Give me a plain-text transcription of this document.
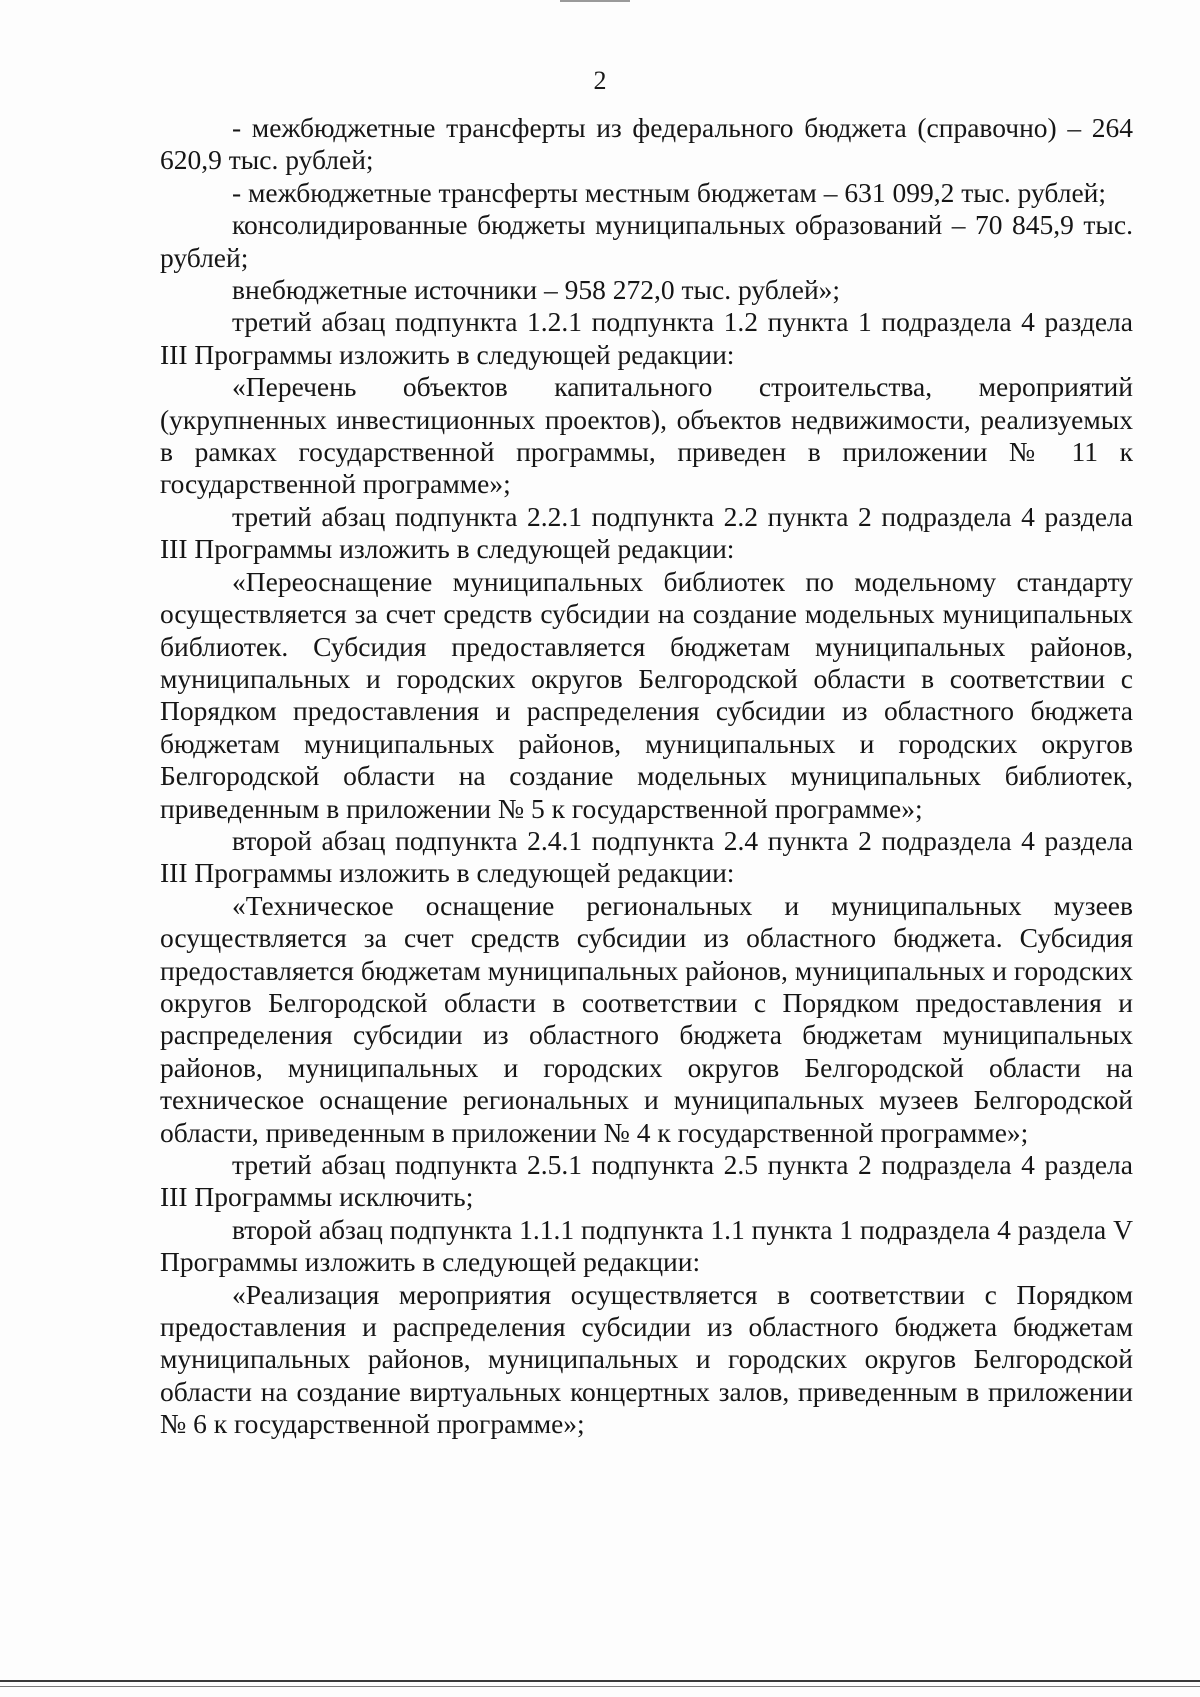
2

- межбюджетные трансферты из федерального бюджета (справочно) – 264 620,9 тыс. рублей;

- межбюджетные трансферты местным бюджетам – 631 099,2 тыс. рублей;

консолидированные бюджеты муниципальных образований – 70 845,9 тыс. рублей;

внебюджетные источники – 958 272,0 тыс. рублей»;

третий абзац подпункта 1.2.1 подпункта 1.2 пункта 1 подраздела 4 раздела III Программы изложить в следующей редакции:

«Перечень объектов капитального строительства, мероприятий (укрупненных инвестиционных проектов), объектов недвижимости, реализуемых в рамках государственной программы, приведен в приложении № 11 к государственной программе»;

третий абзац подпункта 2.2.1 подпункта 2.2 пункта 2 подраздела 4 раздела III Программы изложить в следующей редакции:

«Переоснащение муниципальных библиотек по модельному стандарту осуществляется за счет средств субсидии на создание модельных муниципальных библиотек. Субсидия предоставляется бюджетам муниципальных районов, муниципальных и городских округов Белгородской области в соответствии с Порядком предоставления и распределения субсидии из областного бюджета бюджетам муниципальных районов, муниципальных и городских округов Белгородской области на создание модельных муниципальных библиотек, приведенным в приложении № 5 к государственной программе»;

второй абзац подпункта 2.4.1 подпункта 2.4 пункта 2 подраздела 4 раздела III Программы изложить в следующей редакции:

«Техническое оснащение региональных и муниципальных музеев осуществляется за счет средств субсидии из областного бюджета. Субсидия предоставляется бюджетам муниципальных районов, муниципальных и городских округов Белгородской области в соответствии с Порядком предоставления и распределения субсидии из областного бюджета бюджетам муниципальных районов, муниципальных и городских округов Белгородской области на техническое оснащение региональных и муниципальных музеев Белгородской области, приведенным в приложении № 4 к государственной программе»;

третий абзац подпункта 2.5.1 подпункта 2.5 пункта 2 подраздела 4 раздела III Программы исключить;

второй абзац подпункта 1.1.1 подпункта 1.1 пункта 1 подраздела 4 раздела V Программы изложить в следующей редакции:

«Реализация мероприятия осуществляется в соответствии с Порядком предоставления и распределения субсидии из областного бюджета бюджетам муниципальных районов, муниципальных и городских округов Белгородской области на создание виртуальных концертных залов, приведенным в приложении № 6 к государственной программе»;
